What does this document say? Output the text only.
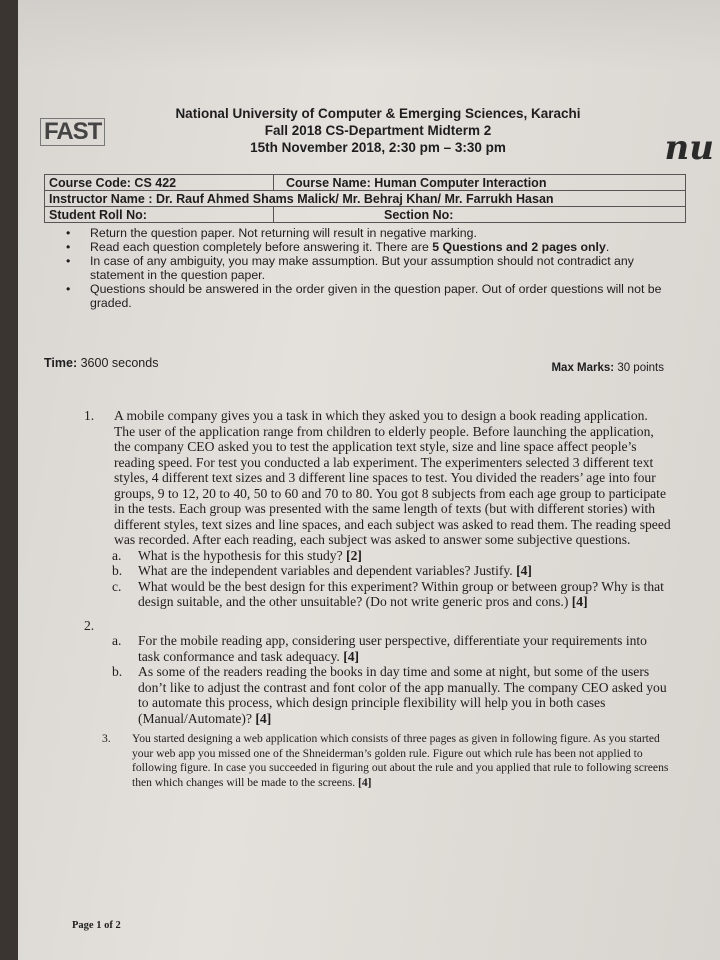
FAST	nu
National University of Computer & Emerging Sciences, Karachi
Fall 2018 CS-Department Midterm 2
15th November 2018, 2:30 pm – 3:30 pm
Course Code: CS 422	Course Name: Human Computer Interaction
Instructor Name : Dr. Rauf Ahmed Shams Malick/ Mr. Behraj Khan/ Mr. Farrukh Hasan	
Student Roll No:	Section No:
•	Return the question paper. Not returning will result in negative marking.
•	Read each question completely before answering it. There are 5 Questions and 2 pages only.
•	In case of any ambiguity, you may make assumption. But your assumption should not contradict any statement in the question paper.
•	Questions should be answered in the order given in the question paper. Out of order questions will not be graded.
Time: 3600 seconds	Max Marks: 30 points
1.	A mobile company gives you a task in which they asked you to design a book reading application. The user of the application range from children to elderly people. Before launching the application, the company CEO asked you to test the application text style, size and line space affect people’s reading speed. For test you conducted a lab experiment. The experimenters selected 3 different text styles, 4 different text sizes and 3 different line spaces to test. You divided the readers’ age into four groups, 9 to 12, 20 to 40, 50 to 60 and 70 to 80. You got 8 subjects from each age group to participate in the tests. Each group was presented with the same length of texts (but with different stories) with different styles, text sizes and line spaces, and each subject was asked to read them. The reading speed was recorded. After each reading, each subject was asked to answer some subjective questions.
a.	What is the hypothesis for this study? [2]
b.	What are the independent variables and dependent variables? Justify. [4]
c.	What would be the best design for this experiment? Within group or between group? Why is that design suitable, and the other unsuitable? (Do not write generic pros and cons.) [4]
2.
a.	For the mobile reading app, considering user perspective, differentiate your requirements into task conformance and task adequacy. [4]
b.	As some of the readers reading the books in day time and some at night, but some of the users don’t like to adjust the contrast and font color of the app manually. The company CEO asked you to automate this process, which design principle flexibility will help you in both cases (Manual/Automate)? [4]
3.	You started designing a web application which consists of three pages as given in following figure. As you started your web app you missed one of the Shneiderman’s golden rule. Figure out which rule has been not applied to following figure. In case you succeeded in figuring out about the rule and you applied that rule to following screens then which changes will be made to the screens. [4]
Page 1 of 2
